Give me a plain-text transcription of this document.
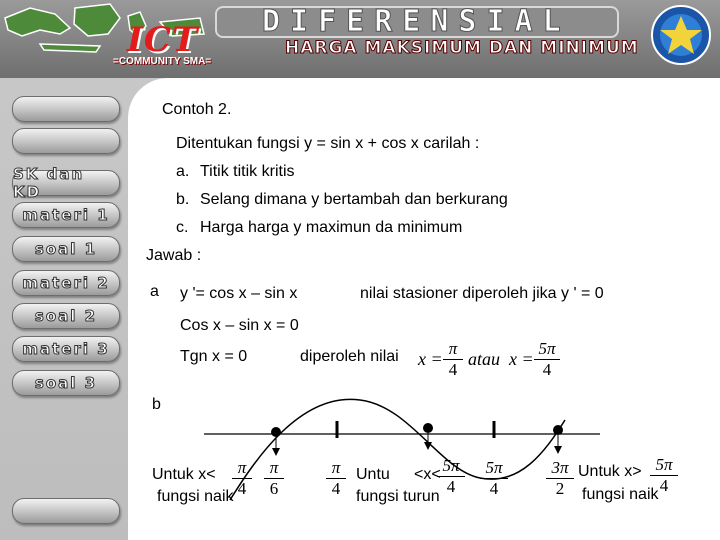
ICT
=COMMUNITY SMA=
DIFERENSIAL
HARGA MAKSIMUM DAN MINIMUM
SK dan KD
materi 1
soal 1
materi 2
soal 2
materi 3
soal 3
Contoh 2.
Ditentukan fungsi y = sin x + cos x carilah :
a. Titik titik kritis
b. Selang dimana y bertambah dan berkurang
c. Harga harga y maximun da minimum
Jawab :
a y '= cos x – sin x	nilai stasioner diperoleh jika y ' = 0
Cos x – sin x = 0
Tgn x = 0	diperoleh nilai $x = \frac{\pi}{4}$ atau $x = \frac{5\pi}{4}$
b
$\frac{\pi}{4} \frac{\pi}{6} \frac{\pi}{4}$	$\frac{5\pi}{4} \frac{3\pi}{2}$	$\frac{5\pi}{4}$
Untuk x<
fungsi naik
Untu <x<
fungsi turun
$\frac{5\pi}{4}$	Untuk x>
fungsi naik
